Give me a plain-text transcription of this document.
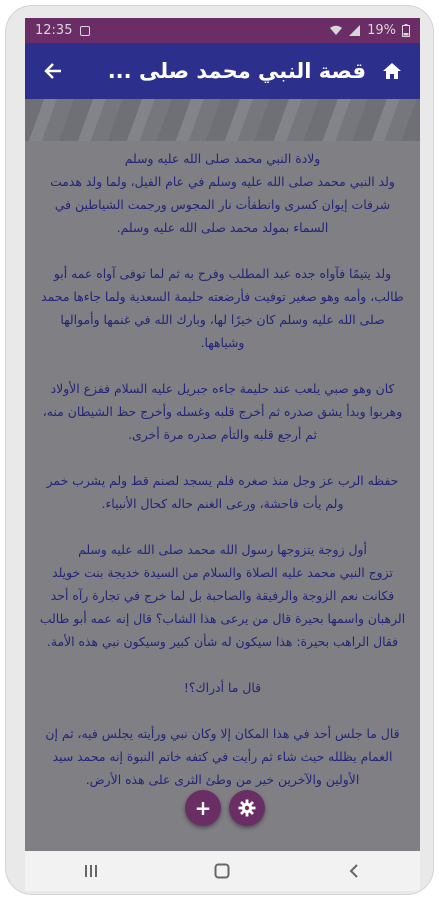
12:35	19%
قصة النبي محمد صلى ...

ولادة النبي محمد صلى الله عليه وسلم
ولد النبي محمد صلى الله عليه وسلم في عام الفيل، ولما ولد هدمت شرفات إيوان كسرى وانطفأت نار المجوس ورجمت الشياطين في السماء بمولد محمد صلى الله عليه وسلم.

ولد يتيمًا فآواه جده عبد المطلب وفرح به ثم لما توفى آواه عمه أبو طالب، وأمه وهو صغير توفيت فأرضعته حليمة السعدية ولما جاءها محمد صلى الله عليه وسلم كان خيرًا لها، وبارك الله في غنمها وأموالها وشياهها.

كان وهو صبي يلعب عند حليمة جاءه جبريل عليه السلام ففزع الأولاد وهربوا وبدأ يشق صدره ثم أخرج قلبه وغسله وأخرج حظ الشيطان منه، ثم أرجع قلبه والتأم صدره مرة أخرى.

حفظه الرب عز وجل منذ صغره فلم يسجد لصنم قط ولم يشرب خمر ولم يأت فاحشة، ورعى الغنم حاله كحال الأنبياء.

أول زوجة يتزوجها رسول الله محمد صلى الله عليه وسلم
تزوج النبي محمد عليه الصلاة والسلام من السيدة خديجة بنت خويلد فكانت نعم الزوجة والرفيقة والصاحبة بل لما خرج في تجارة رآه أحد الرهبان واسمها بحيرة قال من يرعى هذا الشاب؟ قال إنه عمه أبو طالب فقال الراهب بحيرة: هذا سيكون له شأن كبير وسيكون نبي هذه الأمة.

قال ما أدراك؟!

قال ما جلس أحد في هذا المكان إلا وكان نبي ورأيته يجلس فيه، ثم إن الغمام يظلله حيث شاء ثم رأيت في كتفه خاتم النبوة إنه محمد سيد الأولين والآخرين خير من وطئ الثرى على هذه الأرض.

+
